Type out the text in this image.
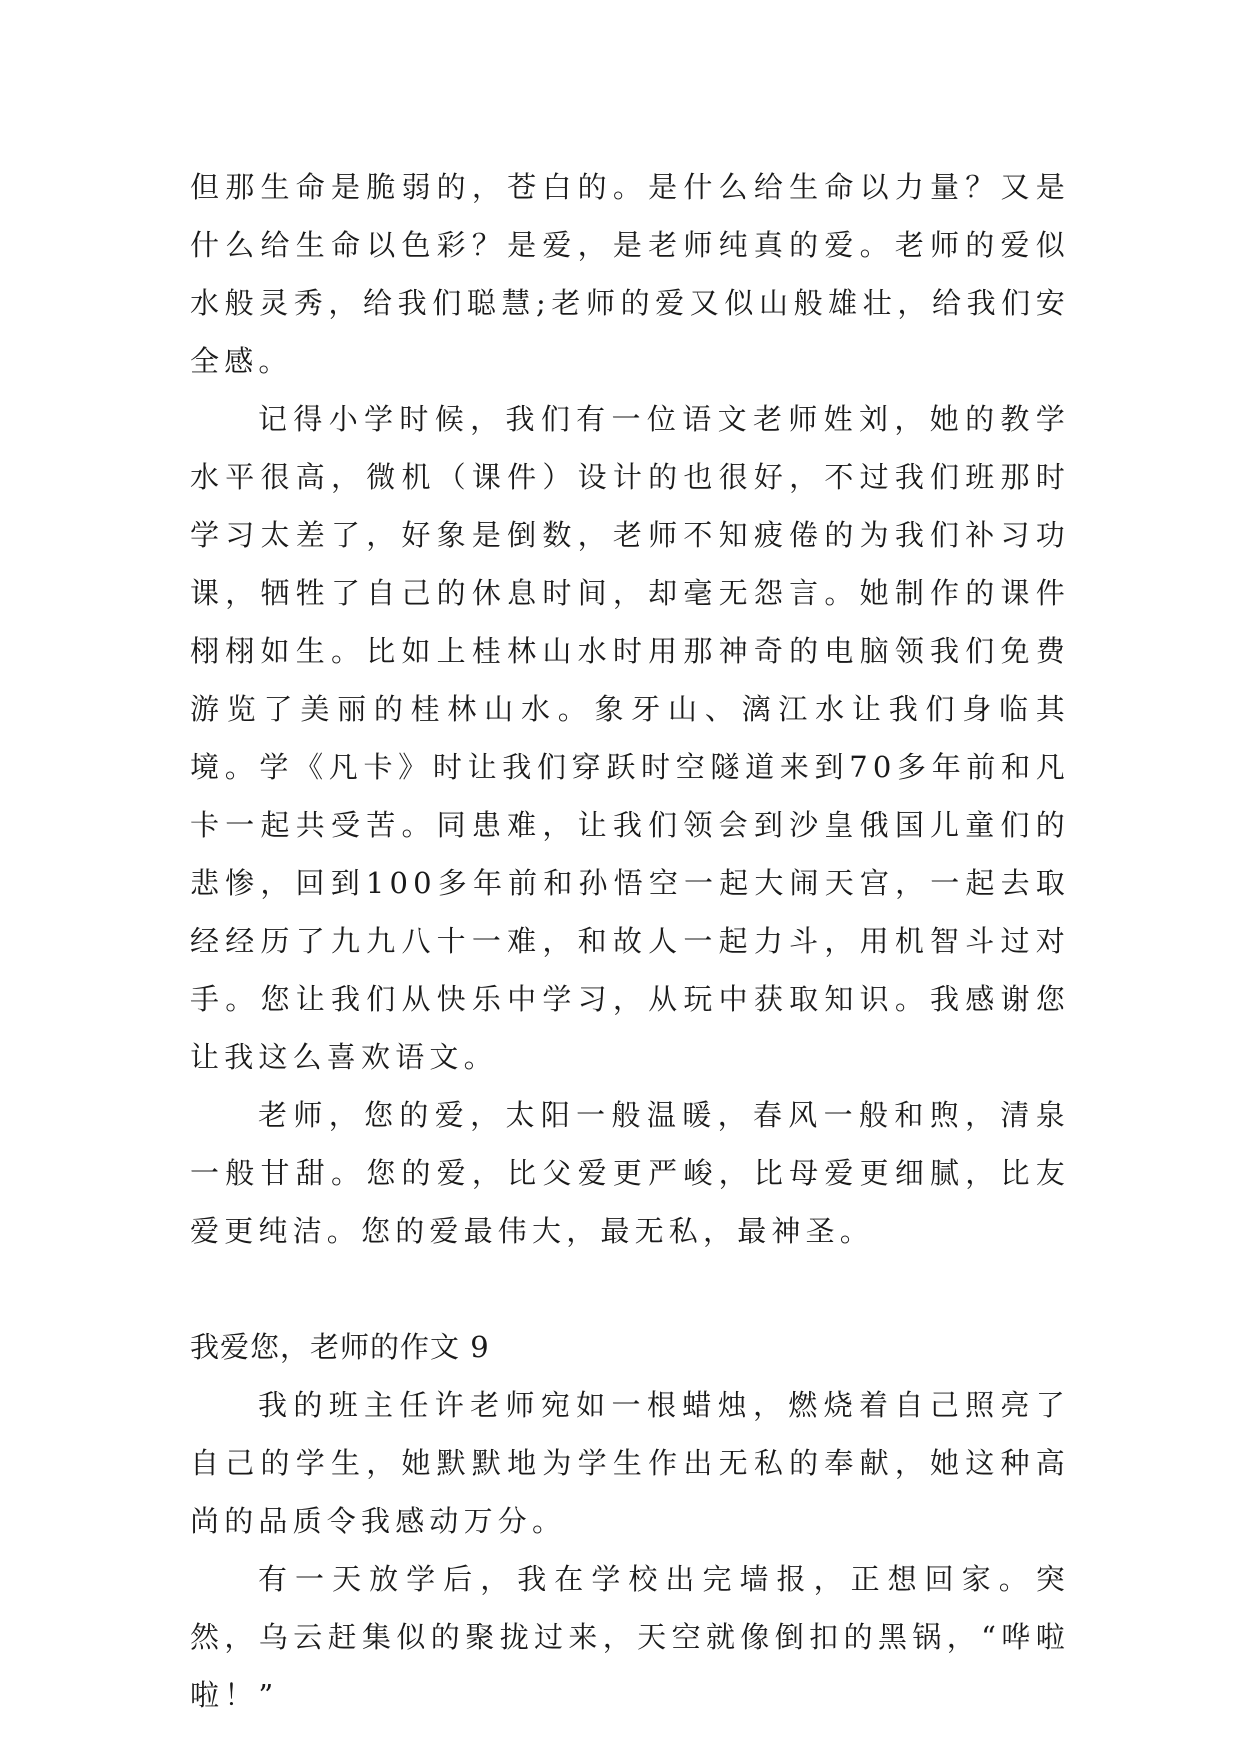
但那生命是脆弱的，苍白的。是什么给生命以力量？又是什么给生命以色彩？是爱，是老师纯真的爱。老师的爱似水般灵秀，给我们聪慧;老师的爱又似山般雄壮，给我们安全感。

记得小学时候，我们有一位语文老师姓刘，她的教学水平很高，微机（课件）设计的也很好，不过我们班那时学习太差了，好象是倒数，老师不知疲倦的为我们补习功课，牺牲了自己的休息时间，却毫无怨言。她制作的课件栩栩如生。比如上桂林山水时用那神奇的电脑领我们免费游览了美丽的桂林山水。象牙山、漓江水让我们身临其境。学《凡卡》时让我们穿跃时空隧道来到70多年前和凡卡一起共受苦。同患难，让我们领会到沙皇俄国儿童们的悲惨，回到100多年前和孙悟空一起大闹天宫，一起去取经经历了九九八十一难，和故人一起力斗，用机智斗过对手。您让我们从快乐中学习，从玩中获取知识。我感谢您让我这么喜欢语文。

老师，您的爱，太阳一般温暖，春风一般和煦，清泉一般甘甜。您的爱，比父爱更严峻，比母爱更细腻，比友爱更纯洁。您的爱最伟大，最无私，最神圣。

我爱您，老师的作文 9

我的班主任许老师宛如一根蜡烛，燃烧着自己照亮了自己的学生，她默默地为学生作出无私的奉献，她这种高尚的品质令我感动万分。

有一天放学后，我在学校出完墙报，正想回家。突然，乌云赶集似的聚拢过来，天空就像倒扣的黑锅，“哗啦啦！”
